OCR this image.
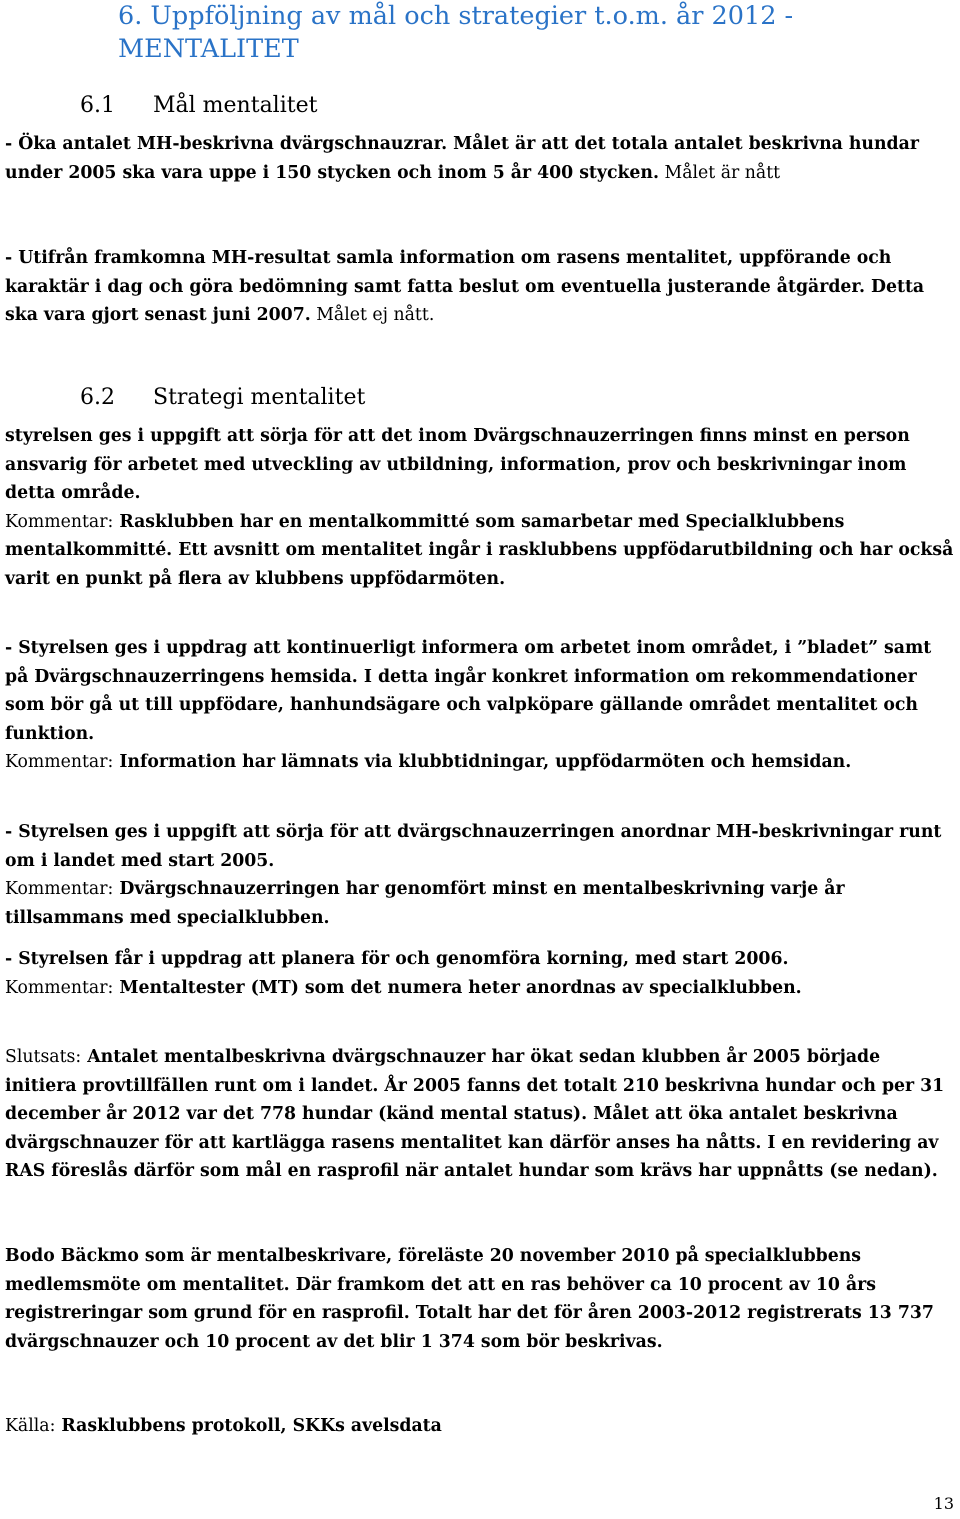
6. Uppföljning av mål och strategier t.o.m. år 2012 -
MENTALITET
6.1 Mål mentalitet

- Öka antalet MH-beskrivna dvärgschnauzrar. Målet är att det totala antalet beskrivna hundar under 2005 ska vara uppe i 150 stycken och inom 5 år 400 stycken. Målet är nått

- Utifrån framkomna MH-resultat samla information om rasens mentalitet, uppförande och karaktär i dag och göra bedömning samt fatta beslut om eventuella justerande åtgärder. Detta ska vara gjort senast juni 2007. Målet ej nått.

6.2 Strategi mentalitet

styrelsen ges i uppgift att sörja för att det inom Dvärgschnauzerringen finns minst en person ansvarig för arbetet med utveckling av utbildning, information, prov och beskrivningar inom detta område.
Kommentar: Rasklubben har en mentalkommitté som samarbetar med Specialklubbens mentalkommitté. Ett avsnitt om mentalitet ingår i rasklubbens uppfödarutbildning och har också varit en punkt på flera av klubbens uppfödarmöten.

- Styrelsen ges i uppdrag att kontinuerligt informera om arbetet inom området, i ”bladet” samt på Dvärgschnauzerringens hemsida. I detta ingår konkret information om rekommendationer som bör gå ut till uppfödare, hanhundsägare och valpköpare gällande området mentalitet och funktion.
Kommentar: Information har lämnats via klubbtidningar, uppfödarmöten och hemsidan.

- Styrelsen ges i uppgift att sörja för att dvärgschnauzerringen anordnar MH-beskrivningar runt om i landet med start 2005.
Kommentar: Dvärgschnauzerringen har genomfört minst en mentalbeskrivning varje år tillsammans med specialklubben.

- Styrelsen får i uppdrag att planera för och genomföra korning, med start 2006.
Kommentar: Mentaltester (MT) som det numera heter anordnas av specialklubben.

Slutsats: Antalet mentalbeskrivna dvärgschnauzer har ökat sedan klubben år 2005 började initiera provtillfällen runt om i landet. År 2005 fanns det totalt 210 beskrivna hundar och per 31 december år 2012 var det 778 hundar (känd mental status). Målet att öka antalet beskrivna dvärgschnauzer för att kartlägga rasens mentalitet kan därför anses ha nåtts. I en revidering av RAS föreslås därför som mål en rasprofil när antalet hundar som krävs har uppnåtts (se nedan).

Bodo Bäckmo som är mentalbeskrivare, föreläste 20 november 2010 på specialklubbens medlemsmöte om mentalitet. Där framkom det att en ras behöver ca 10 procent av 10 års registreringar som grund för en rasprofil. Totalt har det för åren 2003-2012 registrerats 13 737 dvärgschnauzer och 10 procent av det blir 1 374 som bör beskrivas.

Källa: Rasklubbens protokoll, SKKs avelsdata

13
